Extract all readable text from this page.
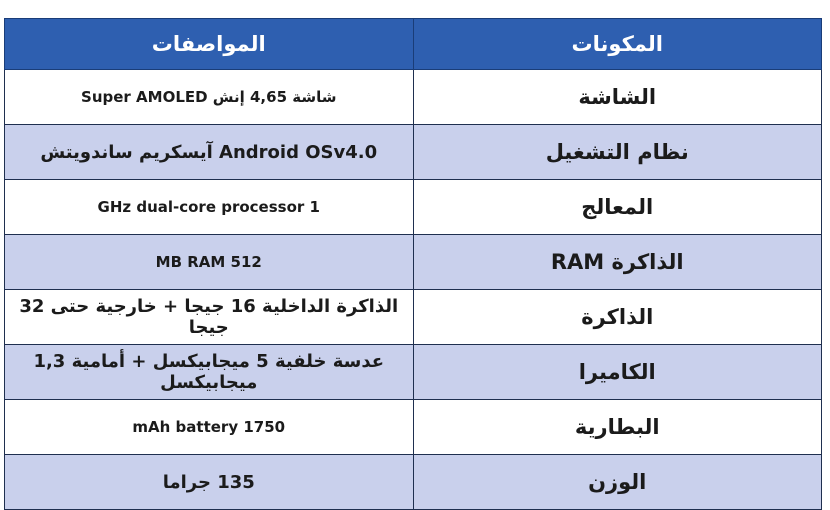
المكونات	المواصفات
الشاشة	شاشة 4,65 إنش Super AMOLED
نظام التشغيل	Android OSv4.0 آيسكريم ساندويتش
المعالج	1 GHz dual-core processor
الذاكرة RAM	512 MB RAM
الذاكرة	الذاكرة الداخلية 16 جيجا + خارجية حتى 32 جيجا
الكاميرا	عدسة خلفية 5 ميجابيكسل + أمامية 1,3 ميجابيكسل
البطارية	1750 mAh battery
الوزن	135 جراما
